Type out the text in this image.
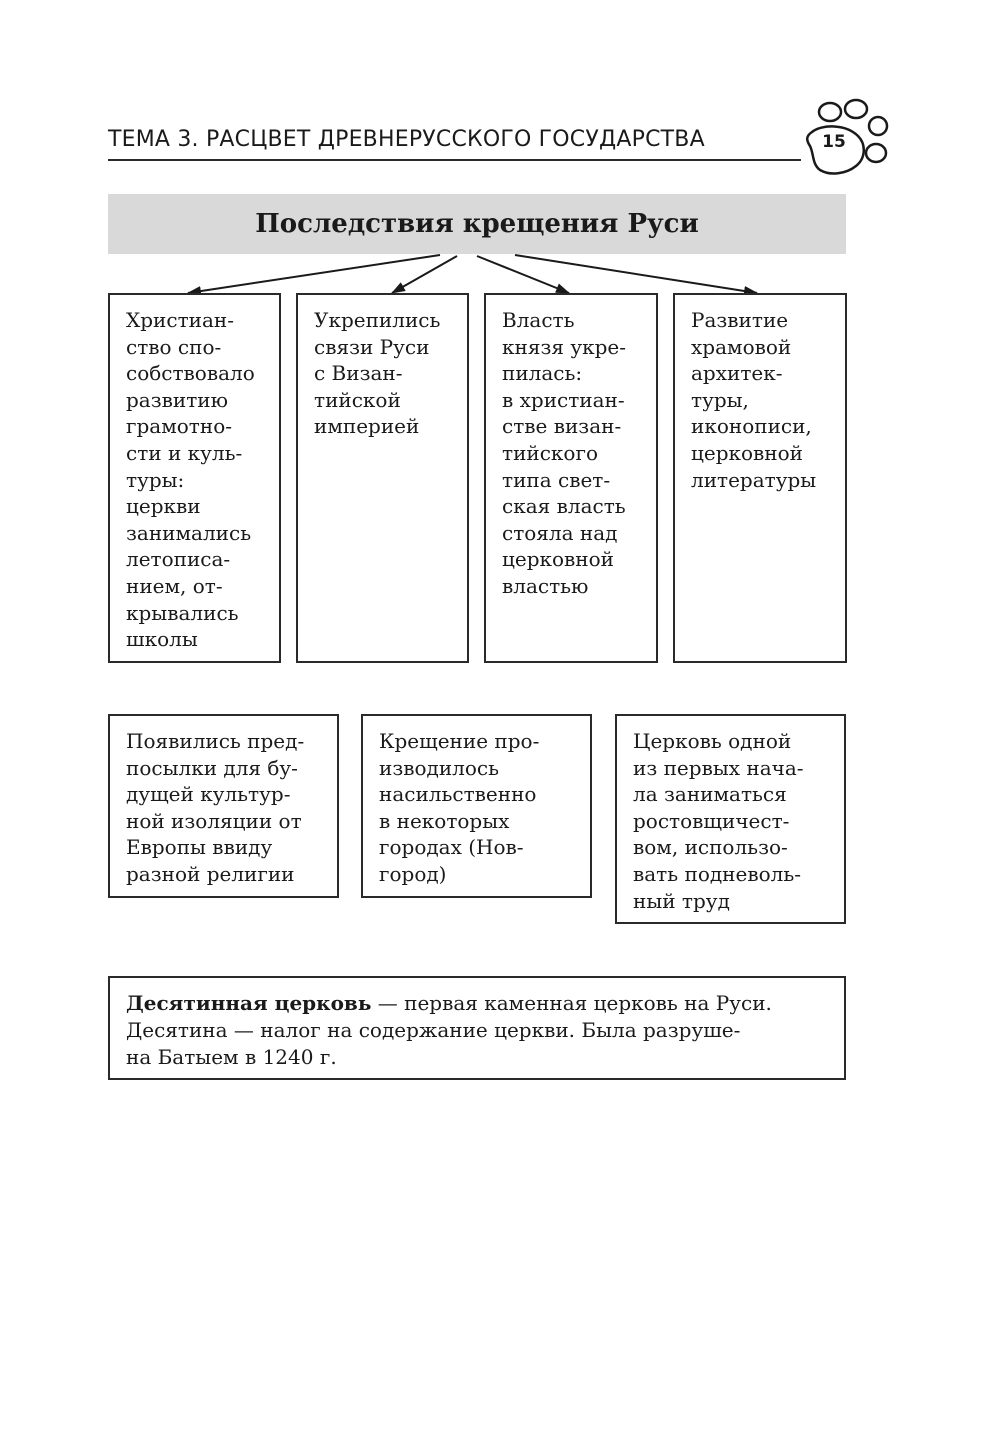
ТЕМА 3. РАСЦВЕТ ДРЕВНЕРУССКОГО ГОСУДАРСТВА	15
Последствия крещения Руси
Христиан-
ство спо-
собствовало
развитию
грамотно-
сти и куль-
туры:
церкви
занимались
летописа-
нием, от-
крывались
школы
Укрепились
связи Руси
с Визан-
тийской
империей
Власть
князя укре-
пилась:
в христиан-
стве визан-
тийского
типа свет-
ская власть
стояла над
церковной
властью
Развитие
храмовой
архитек-
туры,
иконописи,
церковной
литературы
Появились пред-
посылки для бу-
дущей культур-
ной изоляции от
Европы ввиду
разной религии
Крещение про-
изводилось
насильственно
в некоторых
городах (Нов-
город)
Церковь одной
из первых нача-
ла заниматься
ростовщичест-
вом, использо-
вать подневоль-
ный труд
Десятинная церковь — первая каменная церковь на Руси.
Десятина — налог на содержание церкви. Была разруше-
на Батыем в 1240 г.
